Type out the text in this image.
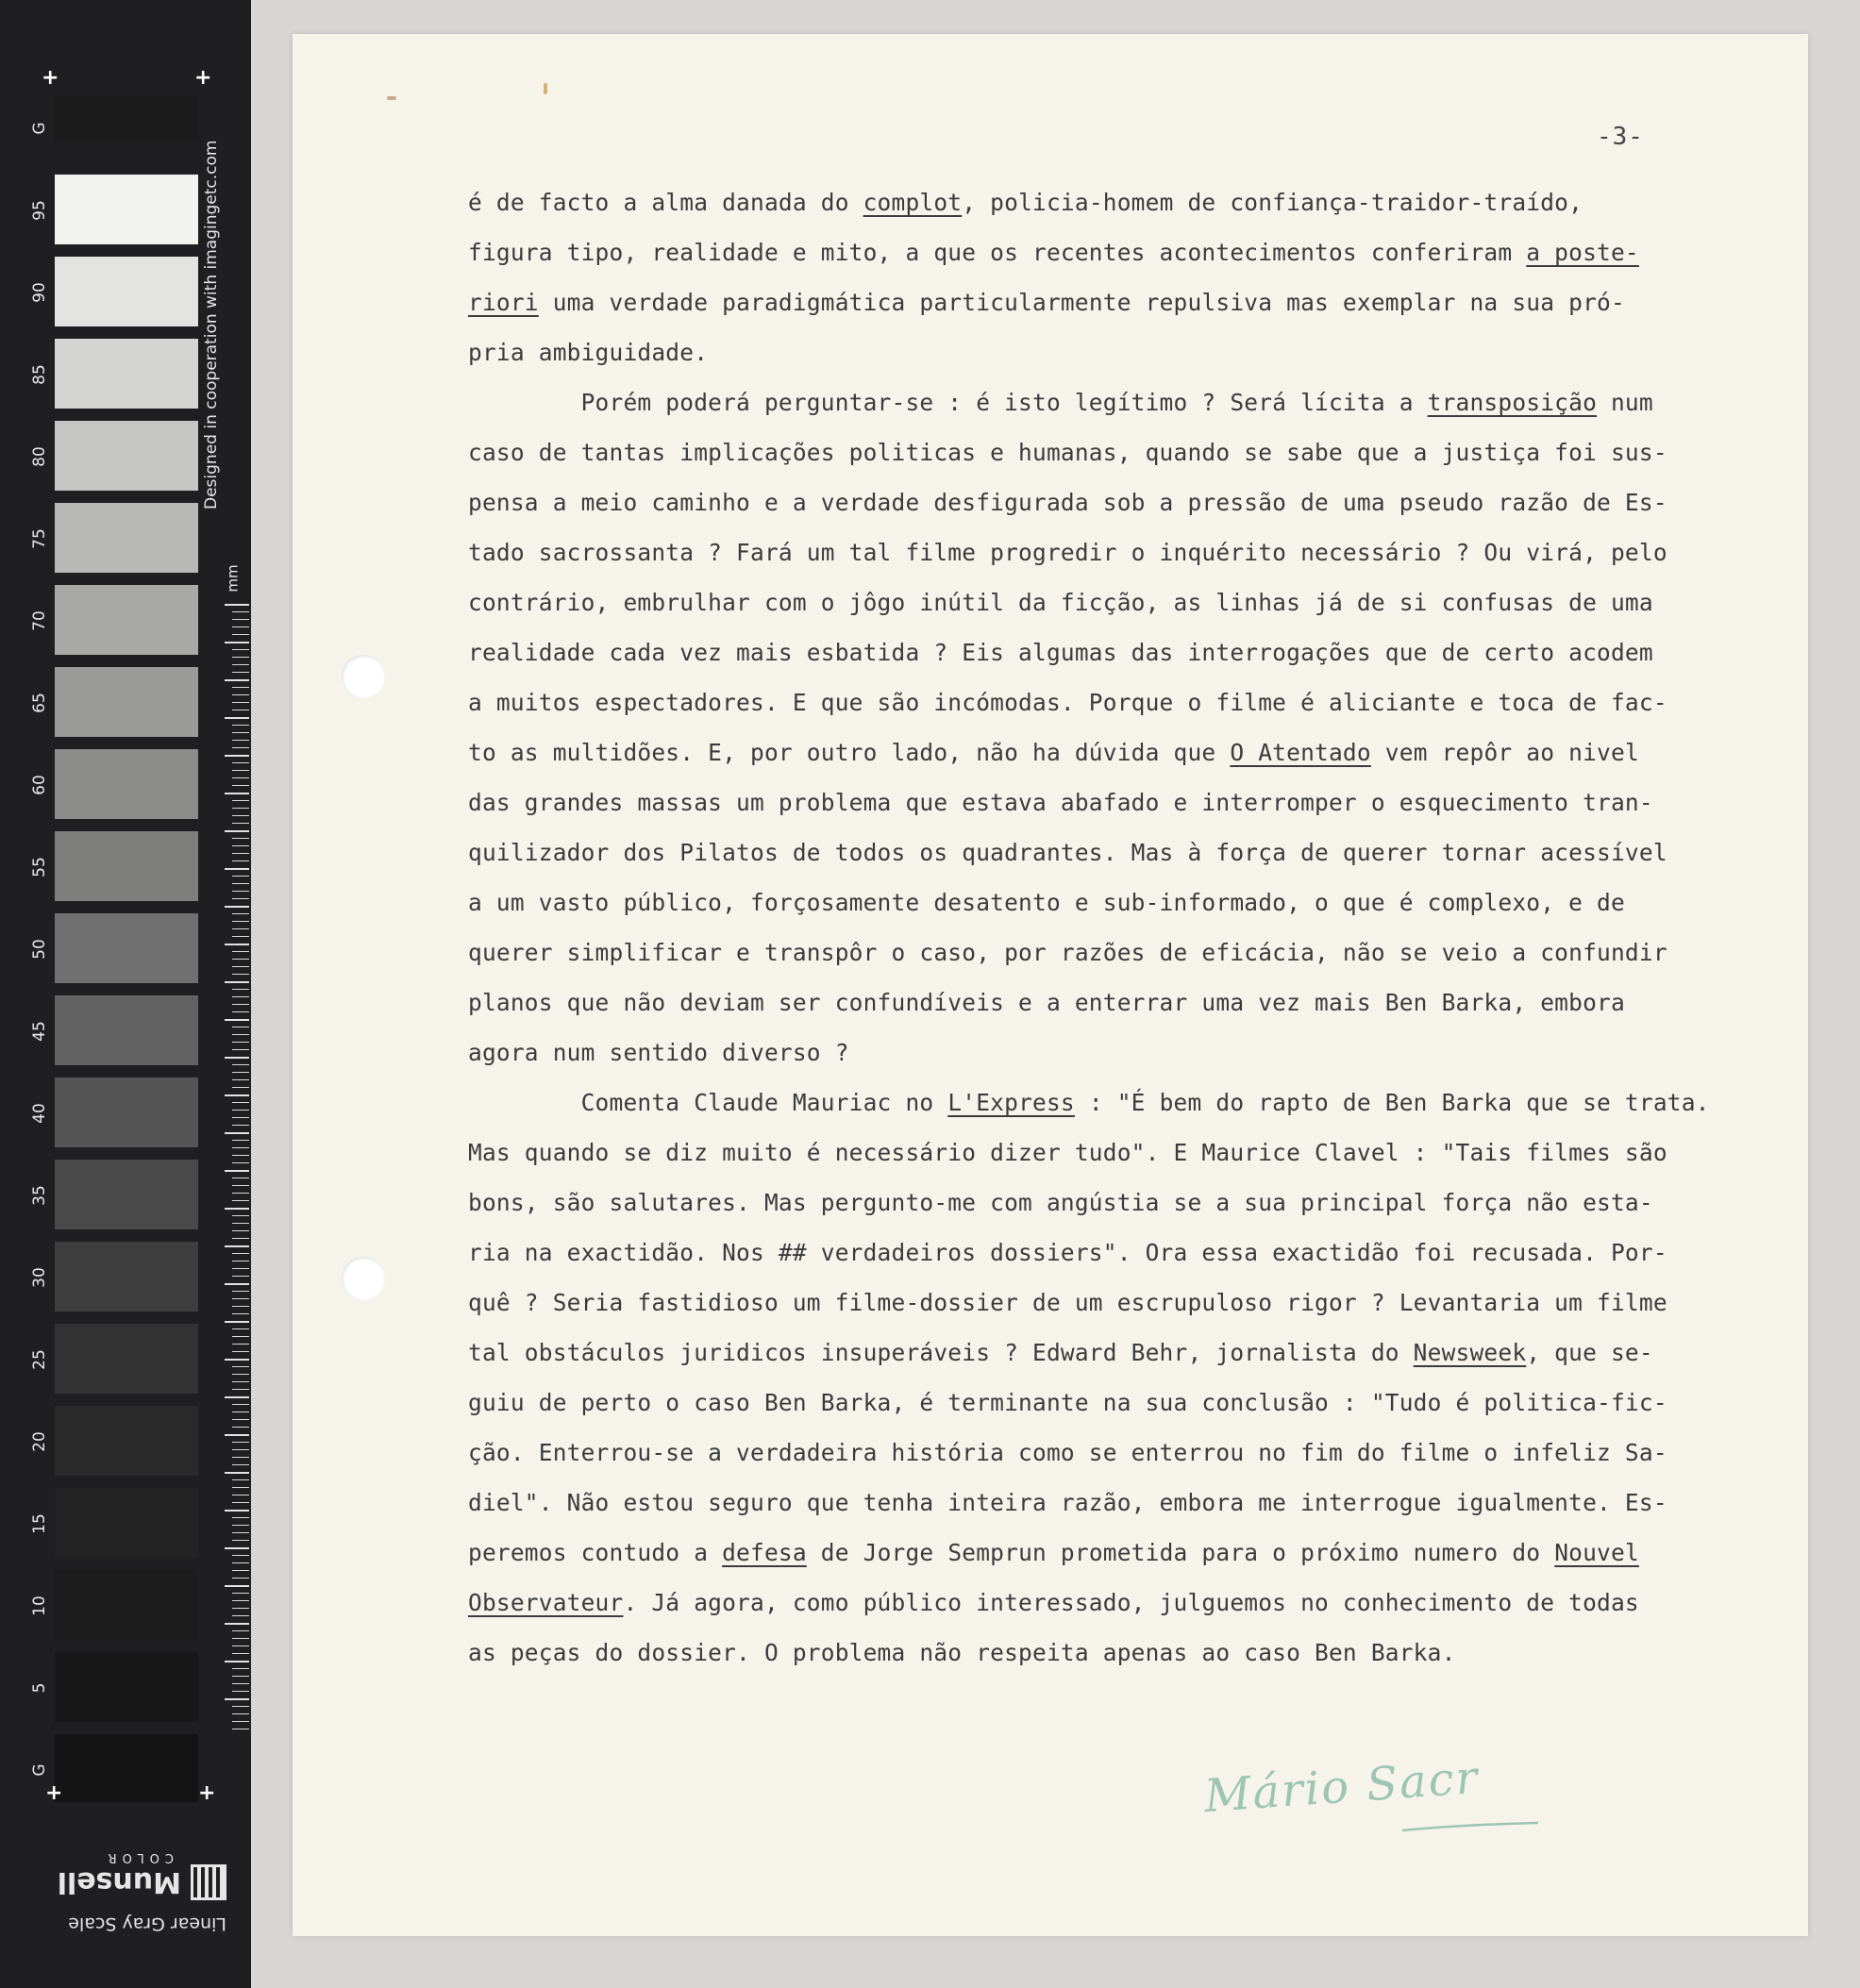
G
95
90
85
80
75
70
65
60
55
50
45
40
35
30
25
20
15
10
5
G
+	+
+	+
Designed in cooperation with imagingetc.com
mm
Linear Gray Scale
Munsell
COLOR
-3-
é de facto a alma danada do complot, policia-homem de confiança-traidor-traído,
figura tipo, realidade e mito, a que os recentes acontecimentos conferiram a poste-
riori uma verdade paradigmática particularmente repulsiva mas exemplar na sua pró-
pria ambiguidade.
Porém poderá perguntar-se : é isto legítimo ? Será lícita a transposição num
caso de tantas implicações politicas e humanas, quando se sabe que a justiça foi sus-
pensa a meio caminho e a verdade desfigurada sob a pressão de uma pseudo razão de Es-
tado sacrossanta ? Fará um tal filme progredir o inquérito necessário ? Ou virá, pelo
contrário, embrulhar com o jôgo inútil da ficção, as linhas já de si confusas de uma
realidade cada vez mais esbatida ? Eis algumas das interrogações que de certo acodem
a muitos espectadores. E que são incómodas. Porque o filme é aliciante e toca de fac-
to as multidões. E, por outro lado, não ha dúvida que O Atentado vem repôr ao nivel
das grandes massas um problema que estava abafado e interromper o esquecimento tran-
quilizador dos Pilatos de todos os quadrantes. Mas à força de querer tornar acessível
a um vasto público, forçosamente desatento e sub-informado, o que é complexo, e de
querer simplificar e transpôr o caso, por razões de eficácia, não se veio a confundir
planos que não deviam ser confundíveis e a enterrar uma vez mais Ben Barka, embora
agora num sentido diverso ?
Comenta Claude Mauriac no L'Express : "É bem do rapto de Ben Barka que se trata.
Mas quando se diz muito é necessário dizer tudo". E Maurice Clavel : "Tais filmes são
bons, são salutares. Mas pergunto-me com angústia se a sua principal força não esta-
ria na exactidão. Nos ## verdadeiros dossiers". Ora essa exactidão foi recusada. Por-
quê ? Seria fastidioso um filme-dossier de um escrupuloso rigor ? Levantaria um filme
tal obstáculos juridicos insuperáveis ? Edward Behr, jornalista do Newsweek, que se-
guiu de perto o caso Ben Barka, é terminante na sua conclusão : "Tudo é politica-fic-
ção. Enterrou-se a verdadeira história como se enterrou no fim do filme o infeliz Sa-
diel". Não estou seguro que tenha inteira razão, embora me interrogue igualmente. Es-
peremos contudo a defesa de Jorge Semprun prometida para o próximo numero do Nouvel
Observateur. Já agora, como público interessado, julguemos no conhecimento de todas
as peças do dossier. O problema não respeita apenas ao caso Ben Barka.
Mário Sacr
